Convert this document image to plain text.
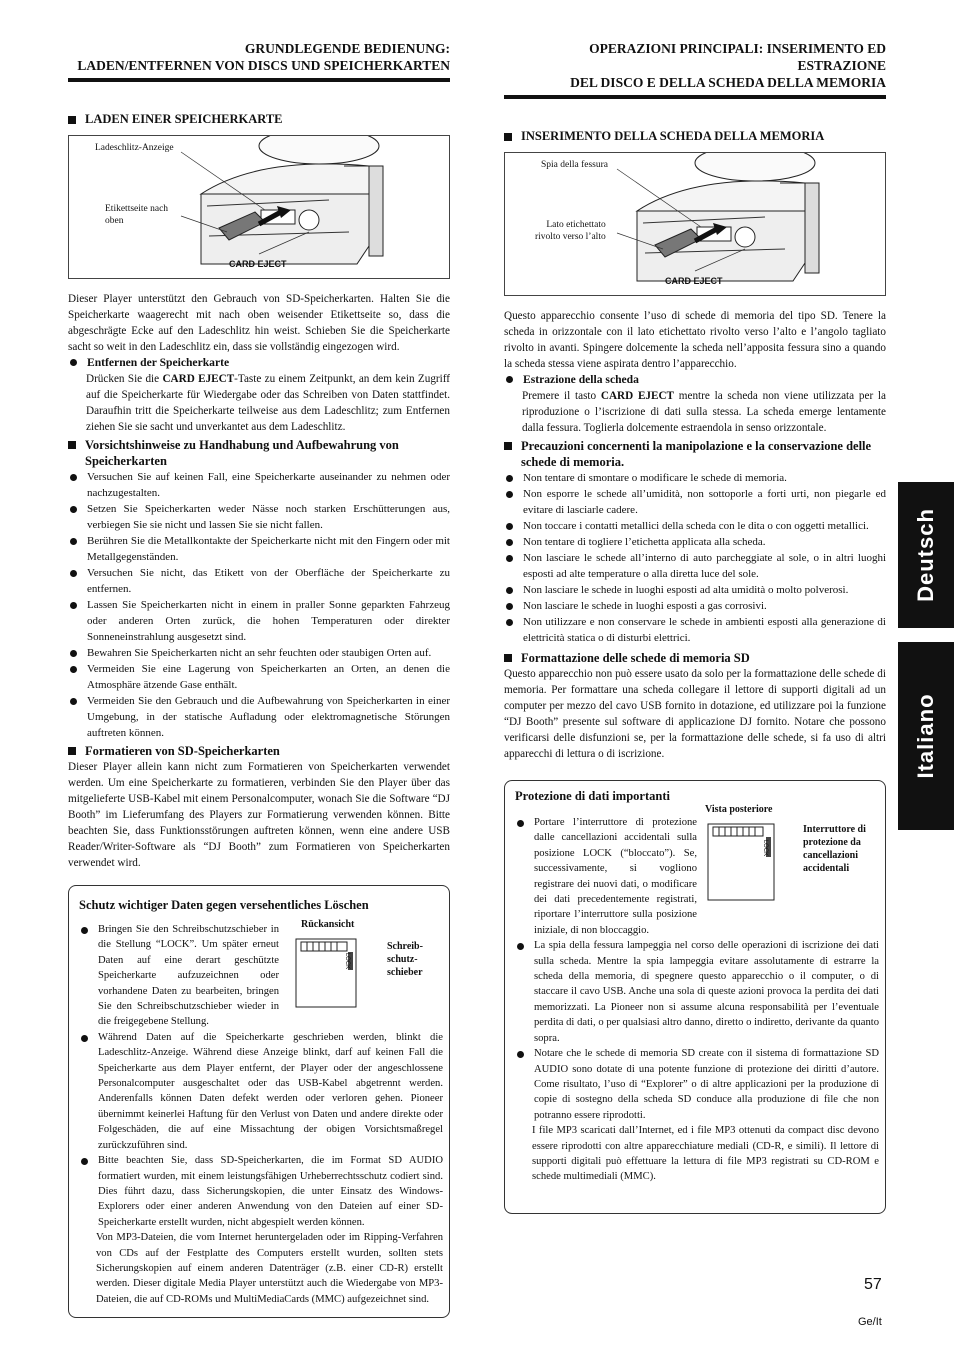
Deutsch
Italiano
GRUNDLEGENDE BEDIENUNG:
LADEN/ENTFERNEN VON DISCS UND SPEICHERKARTEN
LADEN EINER SPEICHERKARTE
Ladeschlitz-Anzeige
Etikettseite nach
oben
CARD EJECT

Dieser Player unterstützt den Gebrauch von SD-Speicherkarten. Halten Sie die Speicherkarte waagerecht mit nach oben weisender Etikettseite so, dass die abgeschrägte Ecke auf den Ladeschlitz hin weist. Schieben Sie die Speicherkarte sacht so weit in den Ladeschlitz ein, dass sie vollständig eingezogen wird.

Entfernen der Speicherkarte

Drücken Sie die CARD EJECT-Taste zu einem Zeitpunkt, an dem kein Zugriff auf die Speicherkarte für Wiedergabe oder das Schreiben von Daten stattfindet. Daraufhin tritt die Speicherkarte teilweise aus dem Ladeschlitz; zum Entfernen ziehen Sie sie sacht und unverkantet aus dem Ladeschlitz.

Vorsichtshinweise zu Handhabung und Aufbewahrung von Speicherkarten
Versuchen Sie auf keinen Fall, eine Speicherkarte auseinander zu nehmen oder nachzugestalten.
Setzen Sie Speicherkarten weder Nässe noch starken Erschütterungen aus, verbiegen Sie sie nicht und lassen Sie sie nicht fallen.
Berühren Sie die Metallkontakte der Speicherkarte nicht mit den Fingern oder mit Metallgegenständen.
Versuchen Sie nicht, das Etikett von der Oberfläche der Speicherkarte zu entfernen.
Lassen Sie Speicherkarten nicht in einem in praller Sonne geparkten Fahrzeug oder anderen Orten zurück, die hohen Temperaturen oder direkter Sonneneinstrahlung ausgesetzt sind.
Bewahren Sie Speicherkarten nicht an sehr feuchten oder staubigen Orten auf.
Vermeiden Sie eine Lagerung von Speicherkarten an Orten, an denen die Atmosphäre ätzende Gase enthält.
Vermeiden Sie den Gebrauch und die Aufbewahrung von Speicherkarten in einer Umgebung, in der statische Aufladung oder elektromagnetische Störungen auftreten können.
Formatieren von SD-Speicherkarten

Dieser Player allein kann nicht zum Formatieren von Speicherkarten verwendet werden. Um eine Speicherkarte zu formatieren, verbinden Sie den Player über das mitgelieferte USB-Kabel mit einem Personalcomputer, wonach Sie die Software “DJ Booth” im Lieferumfang des Players zur Formatierung verwenden können. Bitte beachten Sie, dass Funktionsstörungen auftreten können, wenn eine andere USB Reader/Writer-Software als “DJ Booth” zum Formatieren von Speicherkarten verwendet wird.

Schutz wichtiger Daten gegen versehentliches Löschen
Rückansicht
LOCK
Schreib-
schutz-
schieber
Bringen Sie den Schreibschutzschieber in die Stellung “LOCK”. Um später erneut Daten auf eine derart geschützte Speicherkarte aufzuzeichnen oder vorhandene Daten zu bearbeiten, bringen Sie den Schreibschutzschieber wieder in die freigegebene Stellung.
Während Daten auf die Speicherkarte geschrieben werden, blinkt die Ladeschlitz-Anzeige. Während diese Anzeige blinkt, darf auf keinen Fall die Speicherkarte aus dem Player entfernt, der Player oder der angeschlossene Personalcomputer ausgeschaltet oder das USB-Kabel abgetrennt werden. Anderenfalls können Daten defekt werden oder verloren gehen. Pioneer übernimmt keinerlei Haftung für den Verlust von Daten und andere direkte oder Folgeschäden, die auf eine Missachtung der obigen Vorsichtsmaßregel zurückzuführen sind.
Bitte beachten Sie, dass SD-Speicherkarten, die im Format SD AUDIO formatiert wurden, mit einem leistungsfähigen Urheberrechtsschutz codiert sind. Dies führt dazu, dass Sicherungskopien, die unter Einsatz des Windows-Explorers oder einer anderen Anwendung von den Dateien auf einer SD-Speicherkarte erstellt wurden, nicht abgespielt werden können.

Von MP3-Dateien, die vom Internet heruntergeladen oder im Ripping-Verfahren von CDs auf der Festplatte des Computers erstellt wurden, sollten stets Sicherungskopien auf einem anderen Datenträger (z.B. einer CD-R) erstellt werden. Dieser digitale Media Player unterstützt auch die Wiedergabe von MP3-Dateien, die auf CD-ROMs und MultiMediaCards (MMC) aufgezeichnet sind.

OPERAZIONI PRINCIPALI: INSERIMENTO ED ESTRAZIONE
DEL DISCO E DELLA SCHEDA DELLA MEMORIA
INSERIMENTO DELLA SCHEDA DELLA MEMORIA
Spia della fessura
Lato etichettato
rivolto verso l’alto
CARD EJECT

Questo apparecchio consente l’uso di schede di memoria del tipo SD. Tenere la scheda in orizzontale con il lato etichettato rivolto verso l’alto e l’angolo tagliato rivolto in avanti. Spingere dolcemente la scheda nell’apposita fessura sino a quando la scheda stessa viene aspirata dentro l’apparecchio.

Estrazione della scheda

Premere il tasto CARD EJECT mentre la scheda non viene utilizzata per la riproduzione o l’iscrizione di dati sulla stessa. La scheda emerge lentamente dalla fessura. Toglierla dolcemente estraendola in senso orizzontale.

Precauzioni concernenti la manipolazione e la conservazione delle schede di memoria.
Non tentare di smontare o modificare le schede di memoria.
Non esporre le schede all’umidità, non sottoporle a forti urti, non piegarle ed evitare di lasciarle cadere.
Non toccare i contatti metallici della scheda con le dita o con oggetti metallici.
Non tentare di togliere l’etichetta applicata alla scheda.
Non lasciare le schede all’interno di auto parcheggiate al sole, o in altri luoghi esposti ad alte temperature o alla diretta luce del sole.
Non lasciare le schede in luoghi esposti ad alta umidità o molto polverosi.
Non lasciare le schede in luoghi esposti a gas corrosivi.
Non utilizzare e non conservare le schede in ambienti esposti alla generazione di elettricità statica o di disturbi elettrici.
Formattazione delle schede di memoria SD

Questo apparecchio non può essere usato da solo per la formattazione delle schede di memoria. Per formattare una scheda collegare il lettore di supporti digitali ad un computer per mezzo del cavo USB fornito in dotazione, ed utilizzare poi la funzione “DJ Booth” presente sul software di applicazione DJ fornito. Notare che possono verificarsi delle disfunzioni se, per la formattazione delle schede, si fa uso di altri apparecchi di lettura o di iscrizione.

Protezione di dati importanti
Vista posteriore
LOCK
Interruttore di
protezione da
cancellazioni
accidentali
Portare l’interruttore di protezione dalle cancellazioni accidentali sulla posizione LOCK (“bloccato”). Se, successivamente, si vogliono registrare dei nuovi dati, o modificare dei dati precedentemente registrati, riportare l’interruttore sulla posizione iniziale, di non bloccaggio.
La spia della fessura lampeggia nel corso delle operazioni di iscrizione dei dati sulla scheda. Mentre la spia lampeggia evitare assolutamente di estrarre la scheda della memoria, di spegnere questo apparecchio o il computer, o di staccare il cavo USB. Anche una sola di queste azioni provoca la perdita dei dati memorizzati. La Pioneer non si assume alcuna responsabilità per l’eventuale perdita di dati, o per qualsiasi altro danno, diretto o indiretto, derivante da quanto sopra.
Notare che le schede di memoria SD create con il sistema di formattazione SD AUDIO sono dotate di una potente funzione di protezione dei diritti d’autore. Come risultato, l’uso di “Explorer” o di altre applicazioni per la produzione di copie di sostegno della scheda SD conduce alla produzione di file che non potranno essere riprodotti.

I file MP3 scaricati dall’Internet, ed i file MP3 ottenuti da compact disc devono essere riprodotti con altre apparecchiature mediali (CD-R, e simili). Il lettore di supporti digitali può effettuare la lettura di file MP3 registrati su CD-ROM e schede multimediali (MMC).

57
Ge/It
